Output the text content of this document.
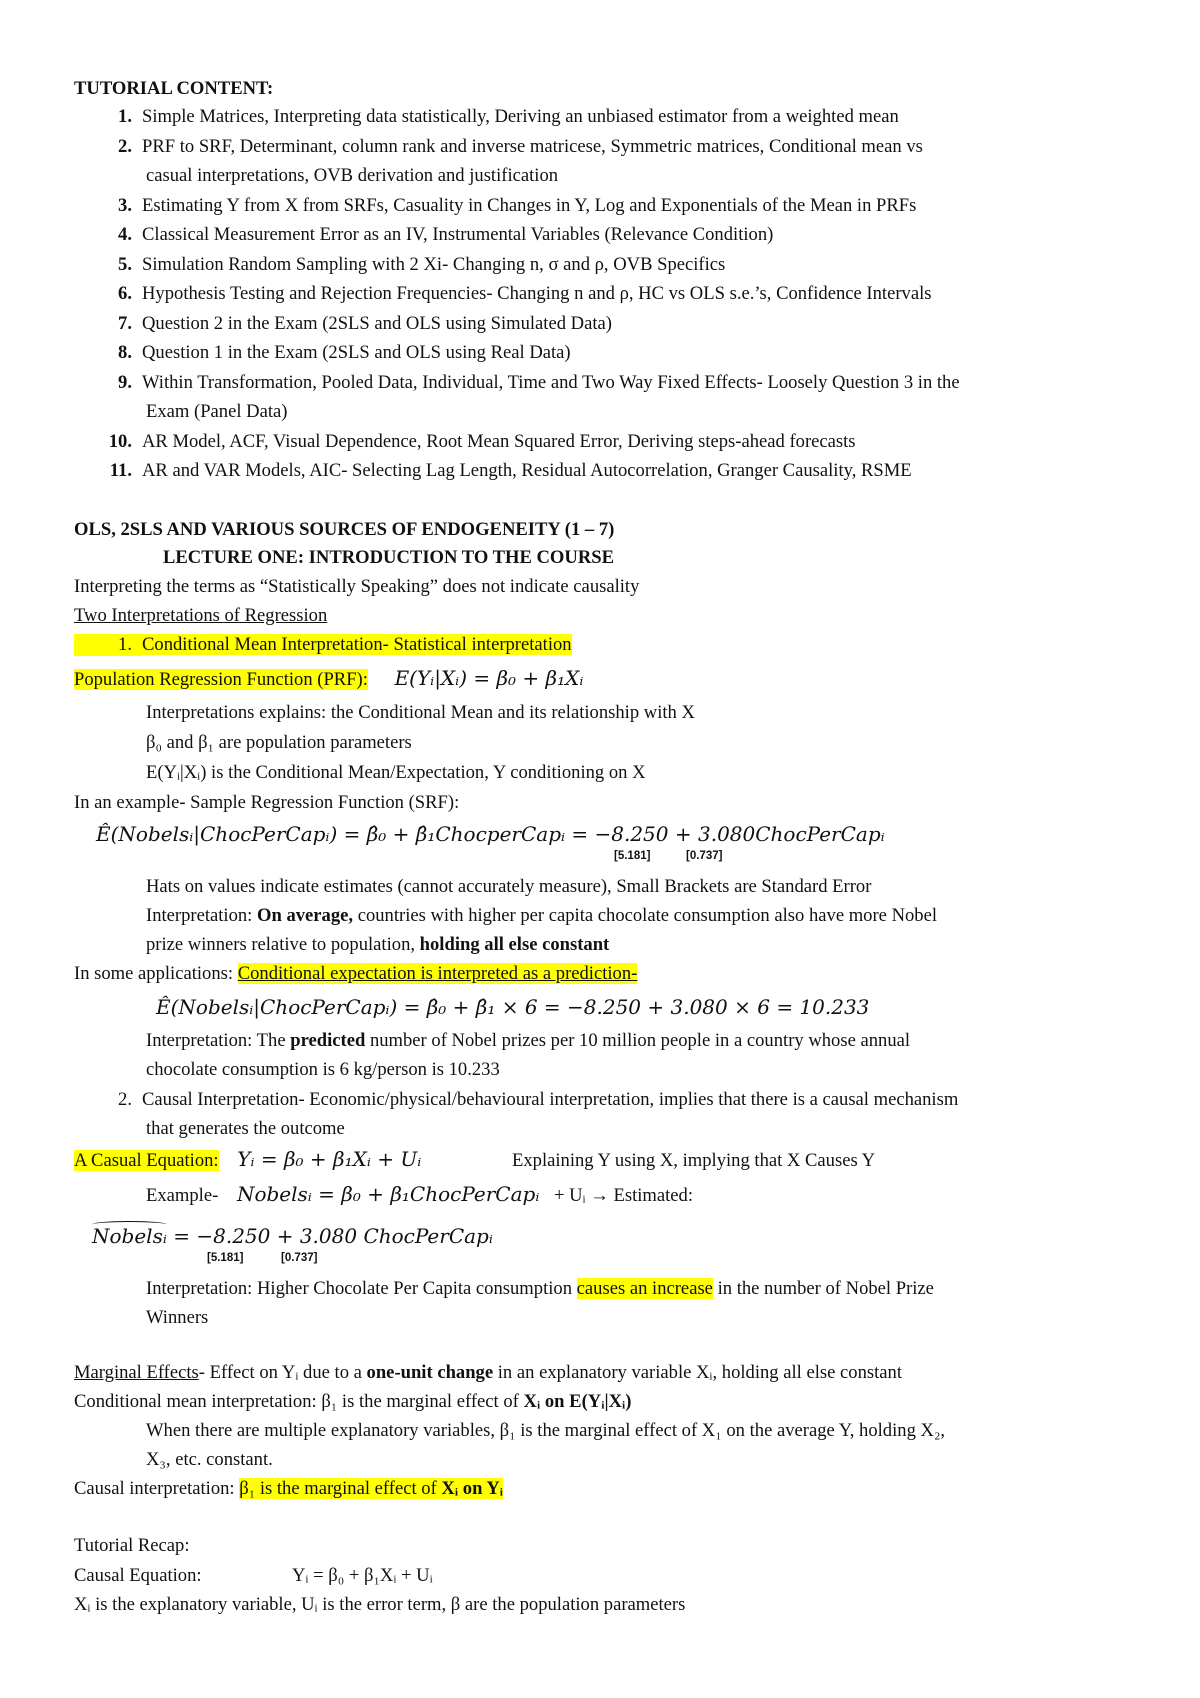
TUTORIAL CONTENT:
1. Simple Matrices, Interpreting data statistically, Deriving an unbiased estimator from a weighted mean
2. PRF to SRF, Determinant, column rank and inverse matricese, Symmetric matrices, Conditional mean vs
casual interpretations, OVB derivation and justification
3. Estimating Y from X from SRFs, Casuality in Changes in Y, Log and Exponentials of the Mean in PRFs
4. Classical Measurement Error as an IV, Instrumental Variables (Relevance Condition)
5. Simulation Random Sampling with 2 Xi- Changing n, σ and ρ, OVB Specifics
6. Hypothesis Testing and Rejection Frequencies- Changing n and ρ, HC vs OLS s.e.’s, Confidence Intervals
7. Question 2 in the Exam (2SLS and OLS using Simulated Data)
8. Question 1 in the Exam (2SLS and OLS using Real Data)
9. Within Transformation, Pooled Data, Individual, Time and Two Way Fixed Effects- Loosely Question 3 in the
Exam (Panel Data)
10. AR Model, ACF, Visual Dependence, Root Mean Squared Error, Deriving steps-ahead forecasts
11. AR and VAR Models, AIC- Selecting Lag Length, Residual Autocorrelation, Granger Causality, RSME
OLS, 2SLS AND VARIOUS SOURCES OF ENDOGENEITY (1 – 7)
LECTURE ONE: INTRODUCTION TO THE COURSE
Interpreting the terms as “Statistically Speaking” does not indicate causality
Two Interpretations of Regression
1. Conditional Mean Interpretation- Statistical interpretation
Population Regression Function (PRF): E(Yᵢ|Xᵢ) = β₀ + β₁Xᵢ
Interpretations explains: the Conditional Mean and its relationship with X
β₀ and β₁ are population parameters
E(Yᵢ|Xᵢ) is the Conditional Mean/Expectation, Y conditioning on X
In an example- Sample Regression Function (SRF):
Ê(Nobelsᵢ|ChocPerCapᵢ) = β̂₀ + β̂₁ChocperCapᵢ = −8.250 + 3.080ChocPerCapᵢ
[5.181]	[0.737]
Hats on values indicate estimates (cannot accurately measure), Small Brackets are Standard Error
Interpretation: On average, countries with higher per capita chocolate consumption also have more Nobel
prize winners relative to population, holding all else constant
In some applications: Conditional expectation is interpreted as a prediction-
Ê(Nobelsᵢ|ChocPerCapᵢ) = β̂₀ + β̂₁ × 6 = −8.250 + 3.080 × 6 = 10.233
Interpretation: The predicted number of Nobel prizes per 10 million people in a country whose annual
chocolate consumption is 6 kg/person is 10.233
2. Causal Interpretation- Economic/physical/behavioural interpretation, implies that there is a causal mechanism
that generates the outcome
A Casual Equation: Yᵢ = β₀ + β₁Xᵢ + Uᵢ	Explaining Y using X, implying that X Causes Y
Example- Nobelsᵢ = β₀ + β₁ChocPerCapᵢ + Uᵢ → Estimated:
Nobelsᵢ = −8.250 + 3.080 ChocPerCapᵢ
[5.181]	[0.737]
Interpretation: Higher Chocolate Per Capita consumption causes an increase in the number of Nobel Prize
Winners
Marginal Effects- Effect on Yᵢ due to a one-unit change in an explanatory variable Xᵢ, holding all else constant
Conditional mean interpretation: β₁ is the marginal effect of Xᵢ on E(Yᵢ|Xᵢ)
When there are multiple explanatory variables, β₁ is the marginal effect of X₁ on the average Y, holding X₂,
X₃, etc. constant.
Causal interpretation: β₁ is the marginal effect of Xᵢ on Yᵢ
Tutorial Recap:
Causal Equation:	Yᵢ = β₀ + β₁Xᵢ + Uᵢ
Xᵢ is the explanatory variable, Uᵢ is the error term, β are the population parameters
